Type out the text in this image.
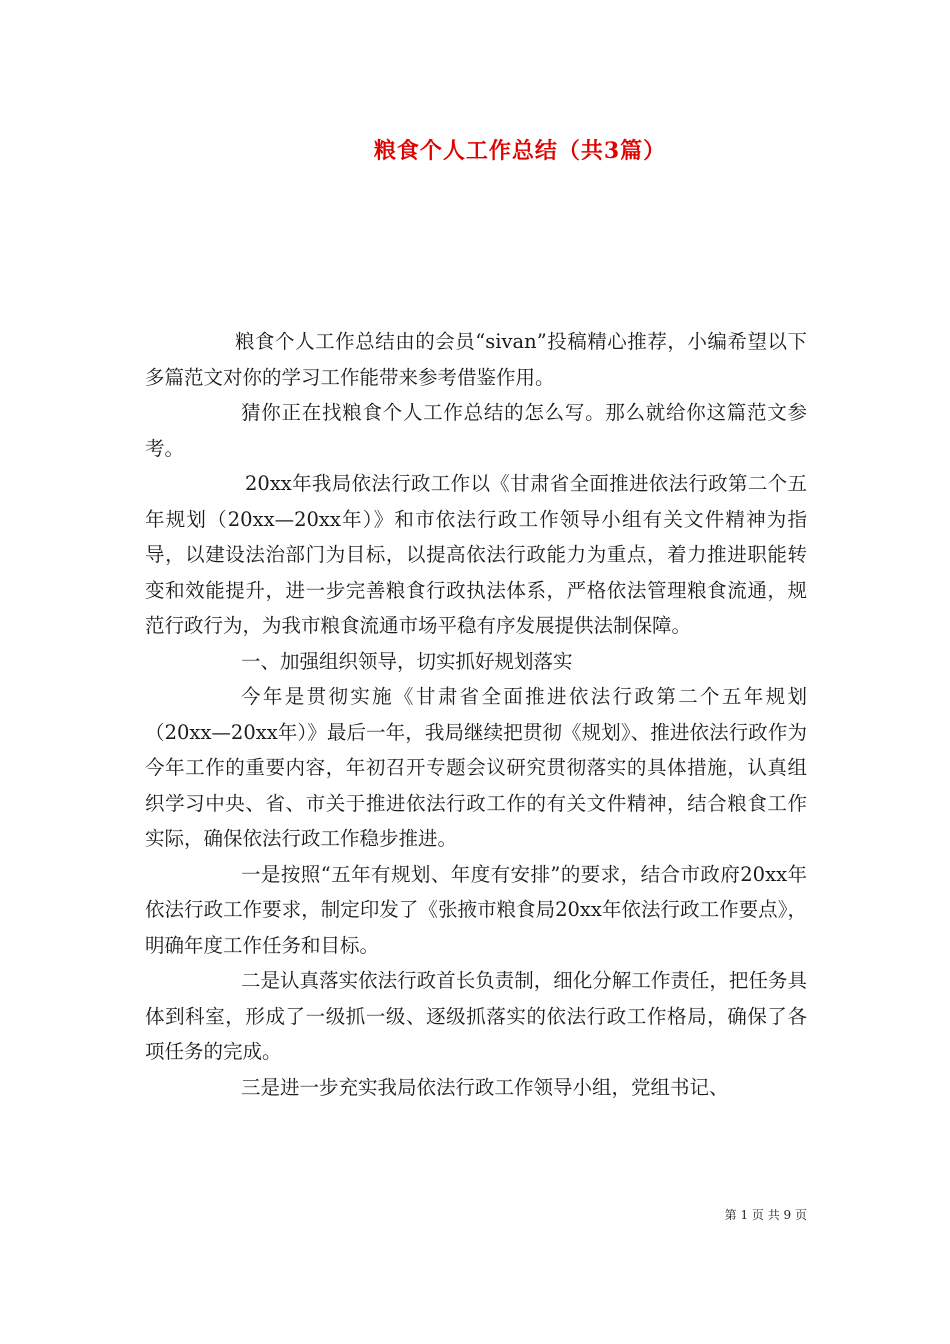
粮食个人工作总结（共3篇）

粮食个人工作总结由的会员“sivan”投稿精心推荐，小编希望以下多篇范文对你的学习工作能带来参考借鉴作用。

猜你正在找粮食个人工作总结的怎么写。那么就给你这篇范文参考。

20xx年我局依法行政工作以《甘肃省全面推进依法行政第二个五年规划（20xx—20xx年）》和市依法行政工作领导小组有关文件精神为指导，以建设法治部门为目标，以提高依法行政能力为重点，着力推进职能转变和效能提升，进一步完善粮食行政执法体系，严格依法管理粮食流通，规范行政行为，为我市粮食流通市场平稳有序发展提供法制保障。

一、加强组织领导，切实抓好规划落实

今年是贯彻实施《甘肃省全面推进依法行政第二个五年规划（20xx—20xx年）》最后一年，我局继续把贯彻《规划》、推进依法行政作为今年工作的重要内容，年初召开专题会议研究贯彻落实的具体措施，认真组织学习中央、省、市关于推进依法行政工作的有关文件精神，结合粮食工作实际，确保依法行政工作稳步推进。

一是按照“五年有规划、年度有安排”的要求，结合市政府20xx年依法行政工作要求，制定印发了《张掖市粮食局20xx年依法行政工作要点》， 明确年度工作任务和目标。

二是认真落实依法行政首长负责制，细化分解工作责任，把任务具体到科室，形成了一级抓一级、逐级抓落实的依法行政工作格局，确保了各项任务的完成。

三是进一步充实我局依法行政工作领导小组，党组书记、

第 1 页 共 9 页
